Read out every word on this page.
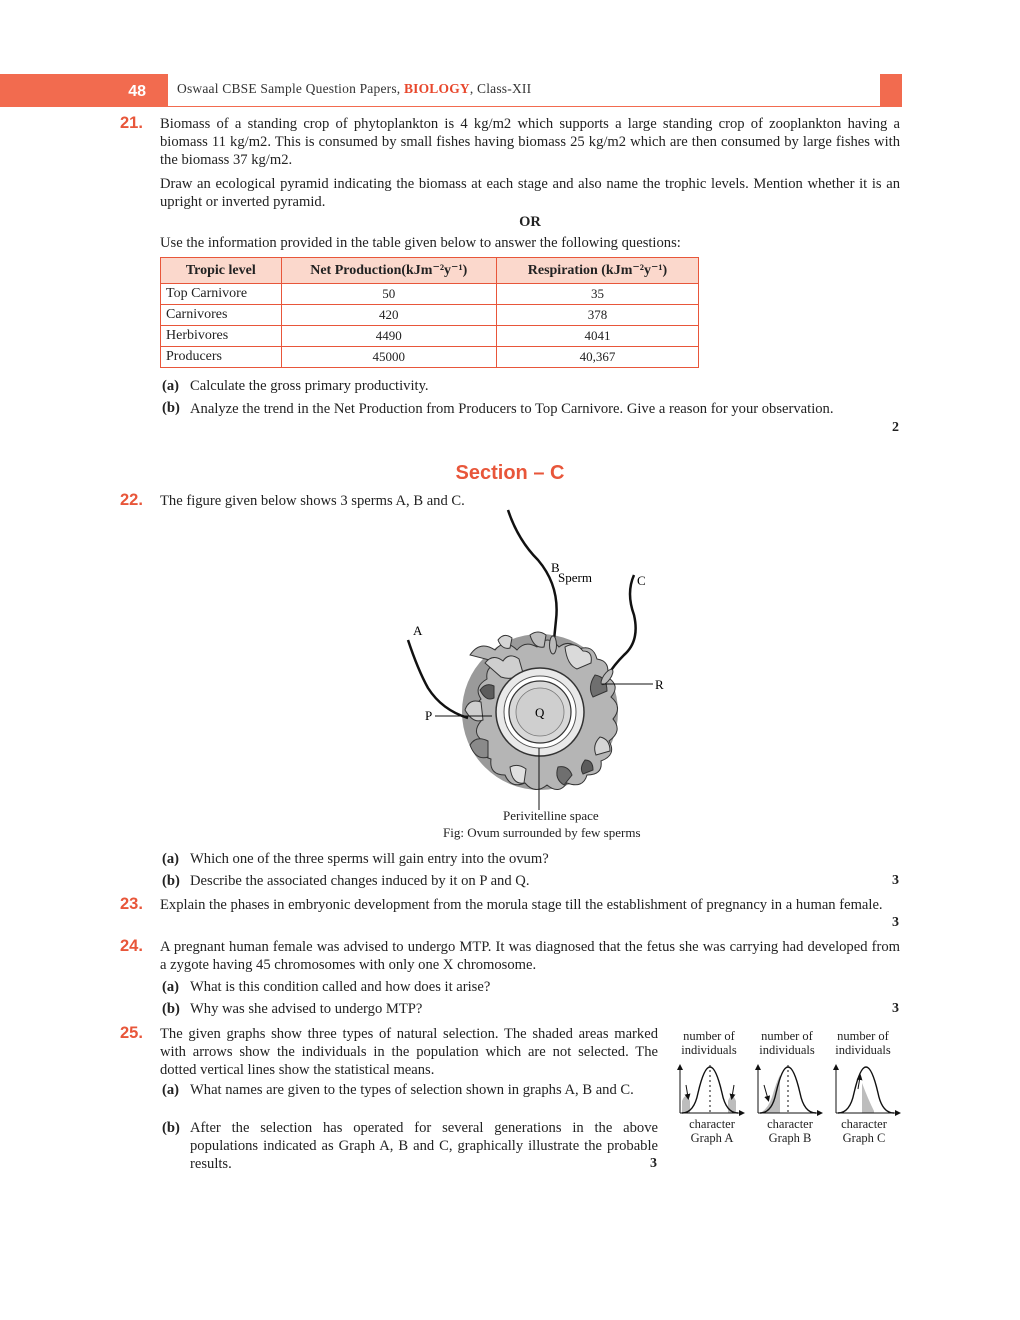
48	Oswaal CBSE Sample Question Papers, BIOLOGY, Class-XII
21. Biomass of a standing crop of phytoplankton is 4 kg/m2 which supports a large standing crop of zooplankton having a biomass 11 kg/m2. This is consumed by small fishes having biomass 25 kg/m2 which are then consumed by large fishes with the biomass 37 kg/m2.
Draw an ecological pyramid indicating the biomass at each stage and also name the trophic levels. Mention whether it is an upright or inverted pyramid.
OR
Use the information provided in the table given below to answer the following questions:
Tropic level	Net Production(kJm⁻²y⁻¹)	Respiration (kJm⁻²y⁻¹)
Top Carnivore	50	35
Carnivores	420	378
Herbivores	4490	4041
Producers	45000	40,367
(a) Calculate the gross primary productivity.
(b) Analyze the trend in the Net Production from Producers to Top Carnivore. Give a reason for your observation.
2
Section – C
22. The figure given below shows 3 sperms A, B and C.
A
B
Sperm	C
P	Q
R
Perivitelline space
Fig: Ovum surrounded by few sperms
(a) Which one of the three sperms will gain entry into the ovum?
(b) Describe the associated changes induced by it on P and Q.	3
23. Explain the phases in embryonic development from the morula stage till the establishment of pregnancy in a human female.
3
24. A pregnant human female was advised to undergo MTP. It was diagnosed that the fetus she was carrying had developed from a zygote having 45 chromosomes with only one X chromosome.
(a) What is this condition called and how does it arise?
(b) Why was she advised to undergo MTP?	3
25. The given graphs show three types of natural selection. The shaded areas marked with arrows show the individuals in the population which are not selected. The dotted vertical lines show the statistical means.
(a) What names are given to the types of selection shown in graphs A, B and C.
(b) After the selection has operated for several generations in the above populations indicated as Graph A, B and C, graphically illustrate the probable results.	3
number of
individuals
number of
individuals
number of
individuals
character
Graph A
character
Graph B
character
Graph C
